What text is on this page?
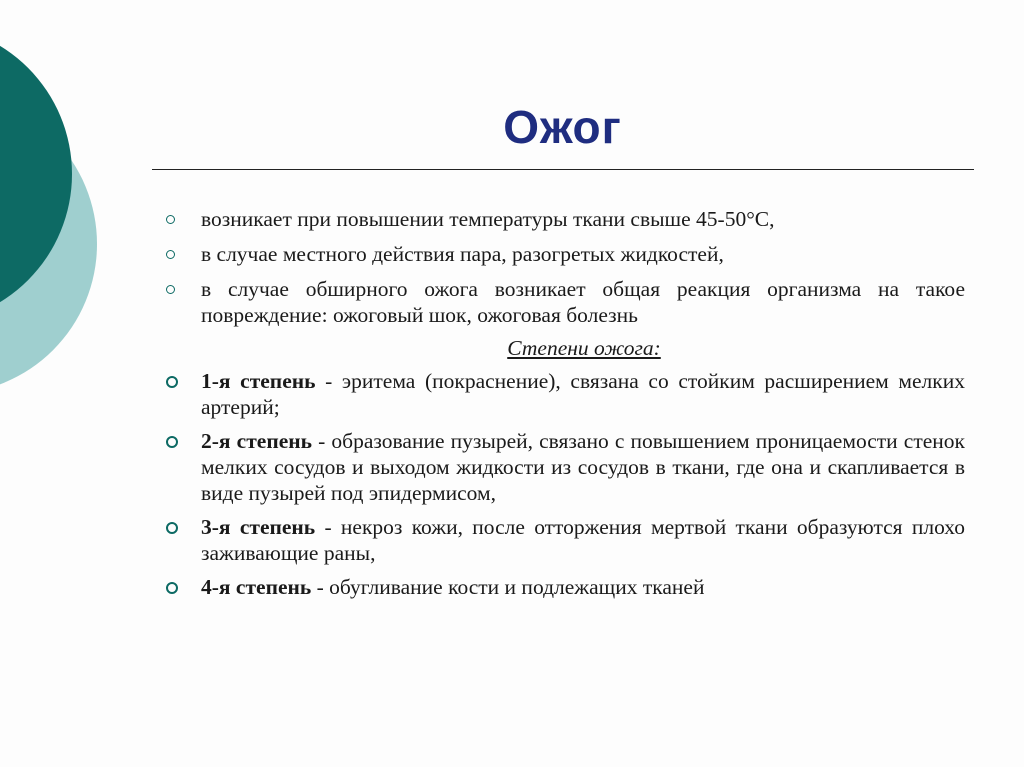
Ожог
возникает при повышении температуры ткани свыше 45-50°С,
в случае местного действия пара, разогретых жидкостей,
в случае обширного ожога возникает общая реакция организма на такое повреждение: ожоговый шок, ожоговая болезнь
Степени ожога:
1-я степень - эритема (покраснение), связана со стойким расширением мелких артерий;
2-я степень - образование пузырей, связано с повышением проницаемости стенок мелких сосудов и выходом жидкости из сосудов в ткани, где она и скапливается в виде пузырей под эпидермисом,
3-я степень - некроз кожи, после отторжения мертвой ткани образуются плохо заживающие раны,
4-я степень - обугливание кости и подлежащих тканей
